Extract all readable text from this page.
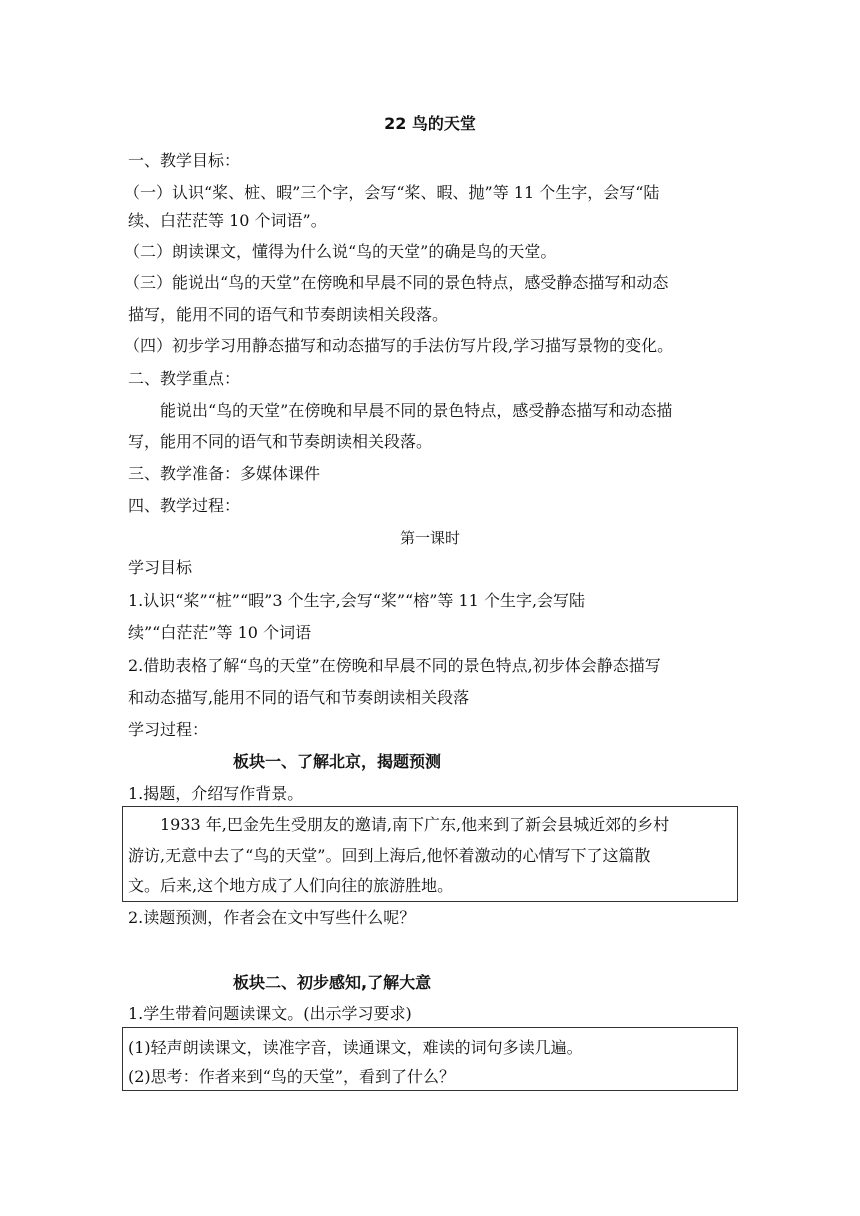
22 鸟的天堂
一、教学目标：
（一）认识“桨、桩、暇”三个字，会写“桨、暇、抛”等 11 个生字，会写“陆
续、白茫茫等 10 个词语”。
（二）朗读课文，懂得为什么说“鸟的天堂”的确是鸟的天堂。
（三）能说出“鸟的天堂”在傍晚和早晨不同的景色特点，感受静态描写和动态
描写，能用不同的语气和节奏朗读相关段落。
（四）初步学习用静态描写和动态描写的手法仿写片段,学习描写景物的变化。
二、教学重点：
能说出“鸟的天堂”在傍晚和早晨不同的景色特点，感受静态描写和动态描
写，能用不同的语气和节奏朗读相关段落。
三、教学准备：多媒体课件
四、教学过程：
第一课时
学习目标
1.认识“桨”“桩”“暇”3 个生字,会写“桨”“榕”等 11 个生字,会写陆
续”“白茫茫”等 10 个词语
2.借助表格了解“鸟的天堂”在傍晚和早晨不同的景色特点,初步体会静态描写
和动态描写,能用不同的语气和节奏朗读相关段落
学习过程：
板块一、了解北京，揭题预测
1.揭题，介绍写作背景。
1933 年,巴金先生受朋友的邀请,南下广东,他来到了新会县城近郊的乡村
游访,无意中去了“鸟的天堂”。回到上海后,他怀着激动的心情写下了这篇散
文。后来,这个地方成了人们向往的旅游胜地。
2.读题预测，作者会在文中写些什么呢？
板块二、初步感知,了解大意
1.学生带着问题读课文。(出示学习要求)
(1)轻声朗读课文，读准字音，读通课文，难读的词句多读几遍。
(2)思考：作者来到“鸟的天堂”，看到了什么？
